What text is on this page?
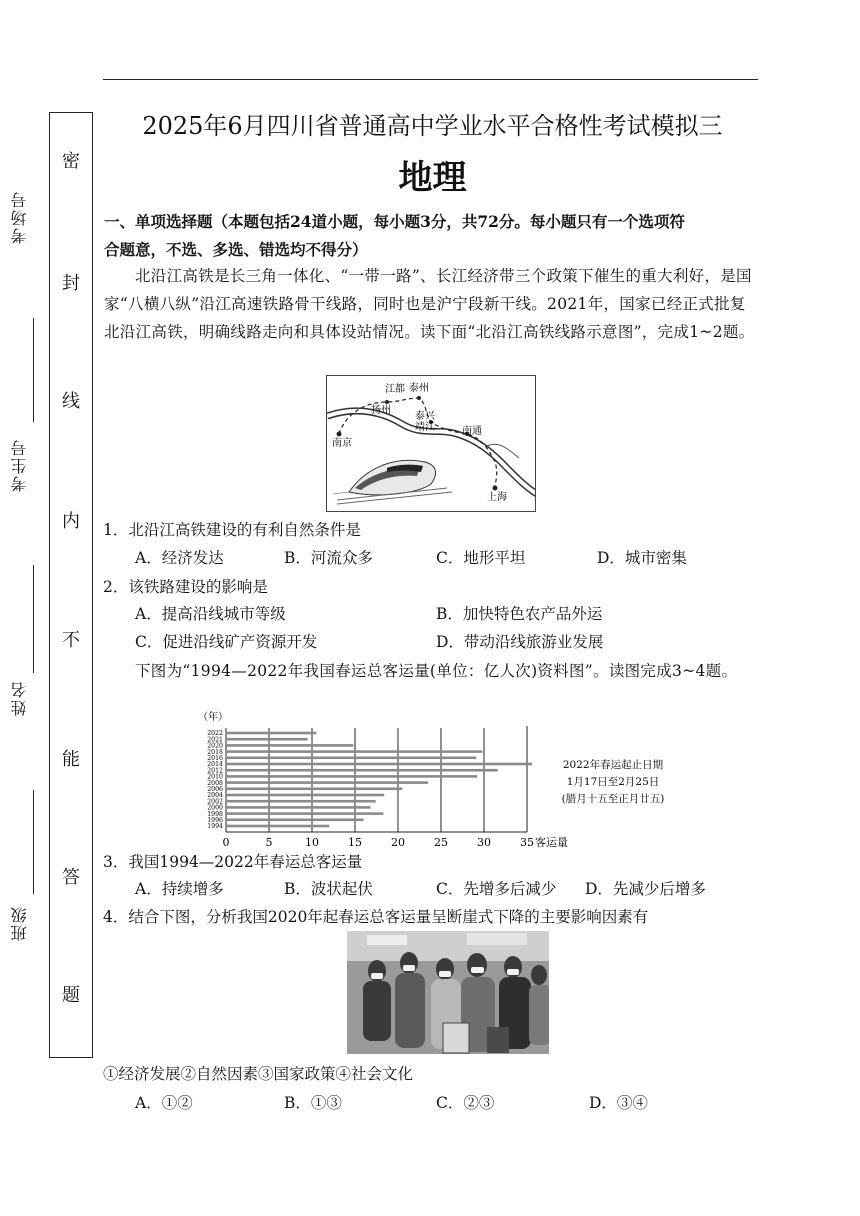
考场号
考生号
姓名
班级
密
封
线
内
不
能
答
题
2025年6月四川省普通高中学业水平合格性考试模拟三
地理
一、单项选择题（本题包括24道小题，每小题3分，共72分。每小题只有一个选项符
合题意，不选、多选、错选均不得分）
北沿江高铁是长三角一体化、“一带一路”、长江经济带三个政策下催生的重大利好，是国家“八横八纵”沿江高速铁路骨干线路，同时也是沪宁段新干线。2021年，国家已经正式批复北沿江高铁，明确线路走向和具体设站情况。读下面“北沿江高铁线路示意图”，完成1~2题。
江都 泰州
扬州
泰兴
靖江	南通
南京
上海
1．北沿江高铁建设的有利自然条件是
A．经济发达	B．河流众多	C．地形平坦	D．城市密集
2．该铁路建设的影响是
A．提高沿线城市等级	B．加快特色农产品外运
C．促进沿线矿产资源开发	D．带动沿线旅游业发展
下图为“1994—2022年我国春运总客运量(单位：亿人次)资料图”。读图完成3~4题。
（年）
0	5	10	15	20	25	30	35 客运量
2022
2021
2020
2018
2016
2014
2012
2010
2008
2006
2004
2002
2000
1998
1996
1994
2022年春运起止日期
1月17日至2月25日
(腊月十五至正月廿五)
3．我国1994—2022年春运总客运量
A．持续增多	B．波状起伏	C．先增多后减少 D．先减少后增多
4．结合下图，分析我国2020年起春运总客运量呈断崖式下降的主要影响因素有
①经济发展②自然因素③国家政策④社会文化
A．①②	B．①③	C．②③	D．③④
